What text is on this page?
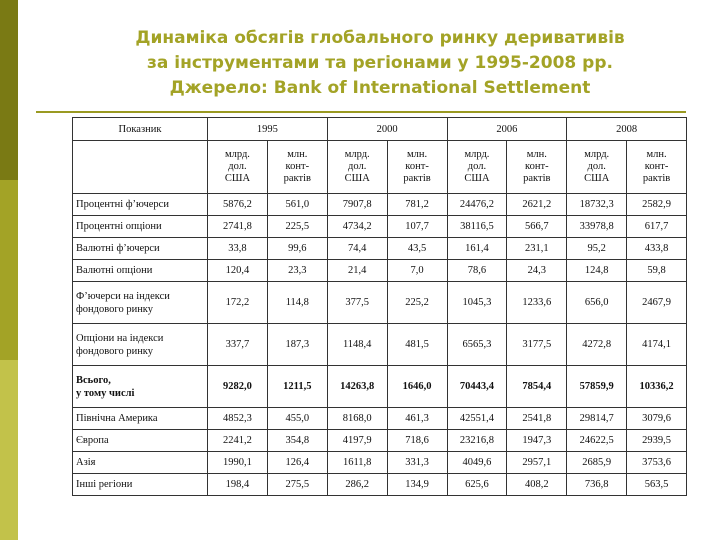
Динаміка обсягів глобального ринку деривативів
за інструментами та регіонами у 1995-2008 рр.
Джерело: Bank of International Settlement
Показник	1995		2000		2006		2008	
	млрд.
дол.
США	млн.
конт-
рактів	млрд.
дол.
США	млн.
конт-
рактів	млрд.
дол.
США	млн.
конт-
рактів	млрд.
дол.
США	млн.
конт-
рактів
Процентні ф’ючерси	5876,2	561,0	7907,8	781,2	24476,2	2621,2	18732,3	2582,9
Процентні опціони	2741,8	225,5	4734,2	107,7	38116,5	566,7	33978,8	617,7
Валютні ф’ючерси	33,8	99,6	74,4	43,5	161,4	231,1	95,2	433,8
Валютні опціони	120,4	23,3	21,4	7,0	78,6	24,3	124,8	59,8
Ф’ючерси на індекси
фондового ринку	172,2	114,8	377,5	225,2	1045,3	1233,6	656,0	2467,9
Опціони на індекси
фондового ринку	337,7	187,3	1148,4	481,5	6565,3	3177,5	4272,8	4174,1
Всього,
у тому числі	9282,0	1211,5	14263,8	1646,0	70443,4	7854,4	57859,9	10336,2
Північна Америка	4852,3	455,0	8168,0	461,3	42551,4	2541,8	29814,7	3079,6
Європа	2241,2	354,8	4197,9	718,6	23216,8	1947,3	24622,5	2939,5
Азія	1990,1	126,4	1611,8	331,3	4049,6	2957,1	2685,9	3753,6
Інші регіони	198,4	275,5	286,2	134,9	625,6	408,2	736,8	563,5
